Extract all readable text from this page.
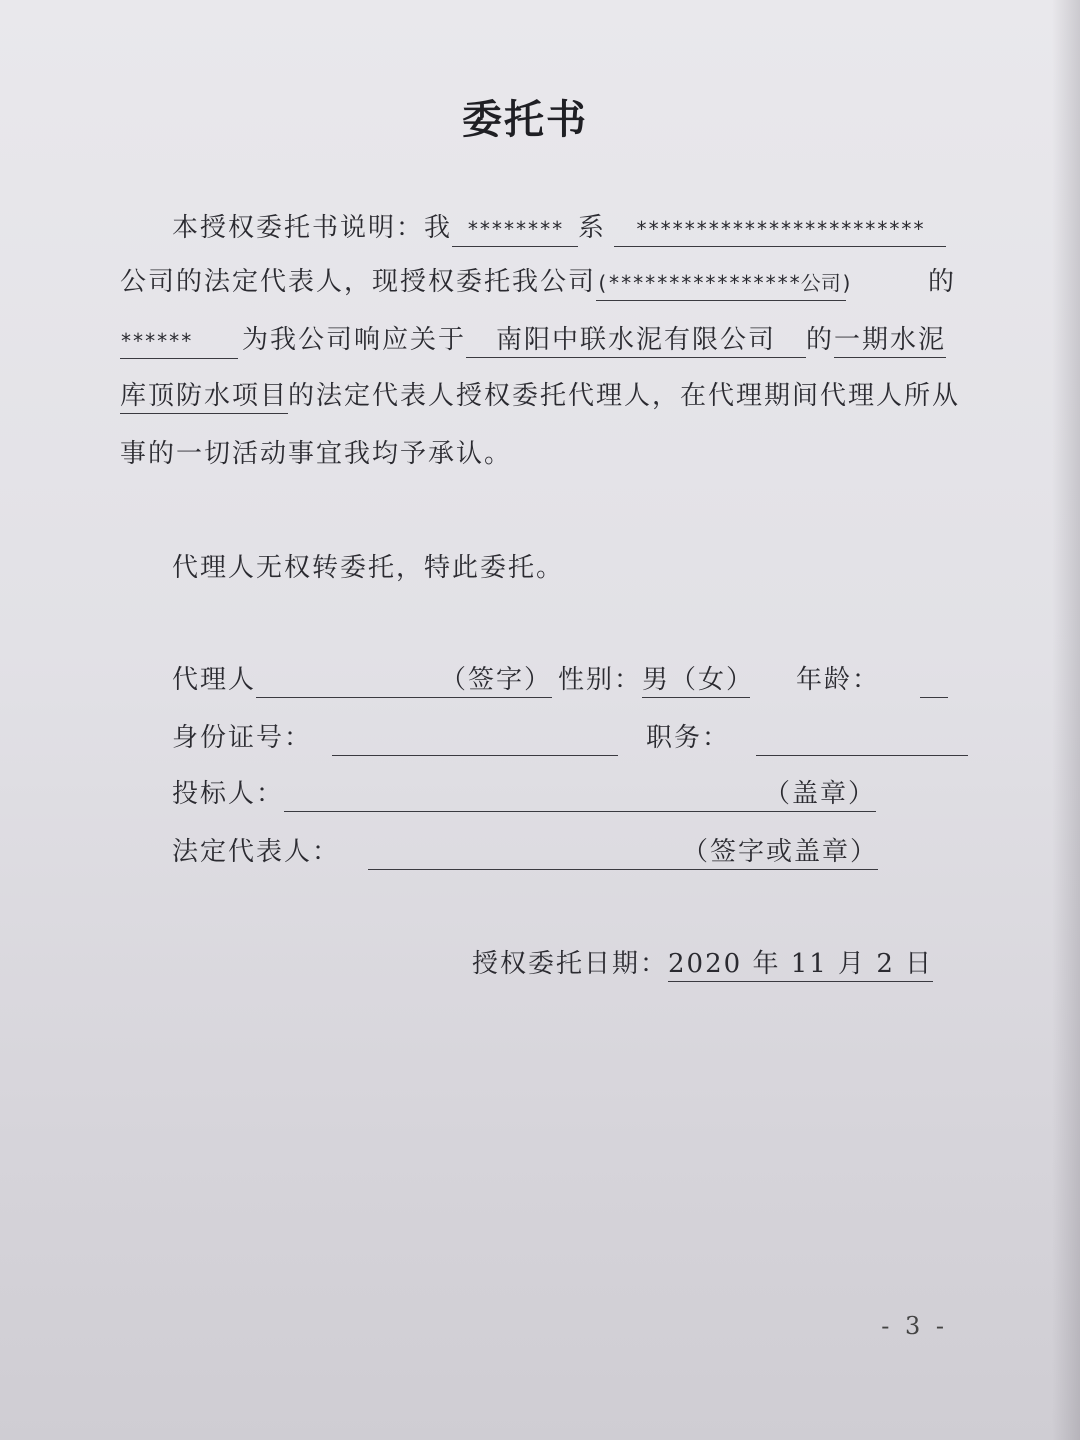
委托书
本授权委托书说明：我 ******** 系 ************************
公司的法定代表人，现授权委托我公司(****************公司)	的
****** 为我公司响应关于 南阳中联水泥有限公司 的一期水泥
库顶防水项目的法定代表人授权委托代理人，在代理期间代理人所从
事的一切活动事宜我均予承认。
代理人无权转委托，特此委托。
代理人	（签字） 性别：男（女） 年龄：
身份证号：	职务：
投标人：	（盖章）
法定代表人：	（签字或盖章）
授权委托日期：2020 年 11 月 2 日
- 3 -
